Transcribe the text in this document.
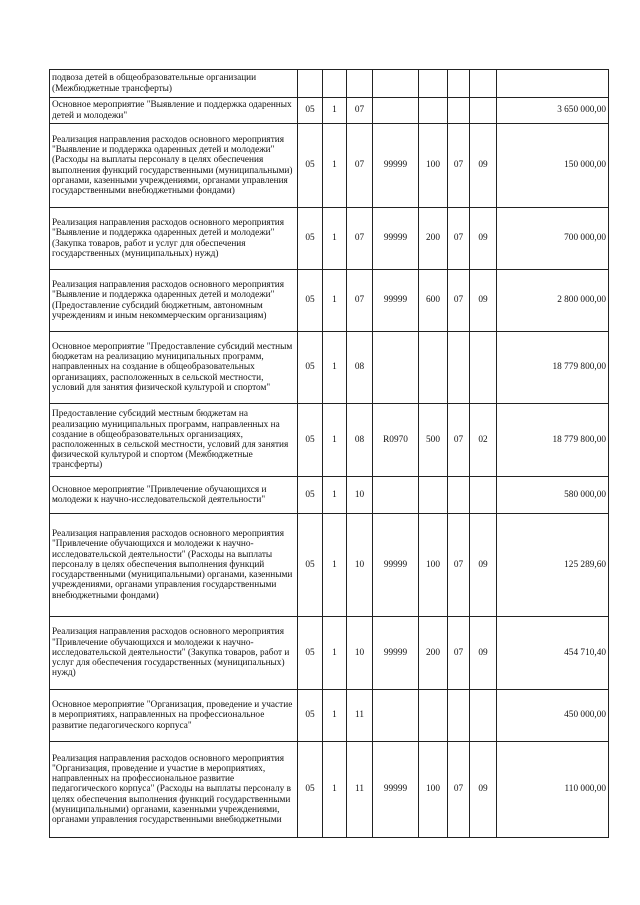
подвоза детей в общеобразовательные организации (Межбюджетные трансферты)								
Основное мероприятие "Выявление и поддержка одаренных детей и молодежи"	05	1	07					3 650 000,00
Реализация направления расходов основного мероприятия "Выявление и поддержка одаренных детей и молодежи" (Расходы на выплаты персоналу в целях обеспечения выполнения функций государственными (муниципальными) органами, казенными учреждениями, органами управления государственными внебюджетными фондами)	05	1	07	99999	100	07	09	150 000,00
Реализация направления расходов основного мероприятия "Выявление и поддержка одаренных детей и молодежи" (Закупка товаров, работ и услуг для обеспечения государственных (муниципальных) нужд)	05	1	07	99999	200	07	09	700 000,00
Реализация направления расходов основного мероприятия "Выявление и поддержка одаренных детей и молодежи" (Предоставление субсидий бюджетным, автономным учреждениям и иным некоммерческим организациям)	05	1	07	99999	600	07	09	2 800 000,00
Основное мероприятие "Предоставление субсидий местным бюджетам на реализацию муниципальных программ, направленных на создание в общеобразовательных организациях, расположенных в сельской местности, условий для занятия физической культурой и спортом"	05	1	08					18 779 800,00
Предоставление субсидий местным бюджетам на реализацию муниципальных программ, направленных на создание в общеобразовательных организациях, расположенных в сельской местности, условий для занятия физической культурой и спортом (Межбюджетные трансферты)	05	1	08	R0970	500	07	02	18 779 800,00
Основное мероприятие "Привлечение обучающихся и молодежи к научно-исследовательской деятельности"	05	1	10					580 000,00
Реализация направления расходов основного мероприятия "Привлечение обучающихся и молодежи к научно-исследовательской деятельности" (Расходы на выплаты персоналу в целях обеспечения выполнения функций государственными (муниципальными) органами, казенными учреждениями, органами управления государственными внебюджетными фондами)	05	1	10	99999	100	07	09	125 289,60
Реализация направления расходов основного мероприятия "Привлечение обучающихся и молодежи к научно-исследовательской деятельности" (Закупка товаров, работ и услуг для обеспечения государственных (муниципальных) нужд)	05	1	10	99999	200	07	09	454 710,40
Основное мероприятие "Организация, проведение и участие в мероприятиях, направленных на профессиональное развитие педагогического корпуса"	05	1	11					450 000,00
Реализация направления расходов основного мероприятия "Организация, проведение и участие в мероприятиях, направленных на профессиональное развитие педагогического корпуса" (Расходы на выплаты персоналу в целях обеспечения выполнения функций государственными (муниципальными) органами, казенными учреждениями, органами управления государственными внебюджетными	05	1	11	99999	100	07	09	110 000,00
